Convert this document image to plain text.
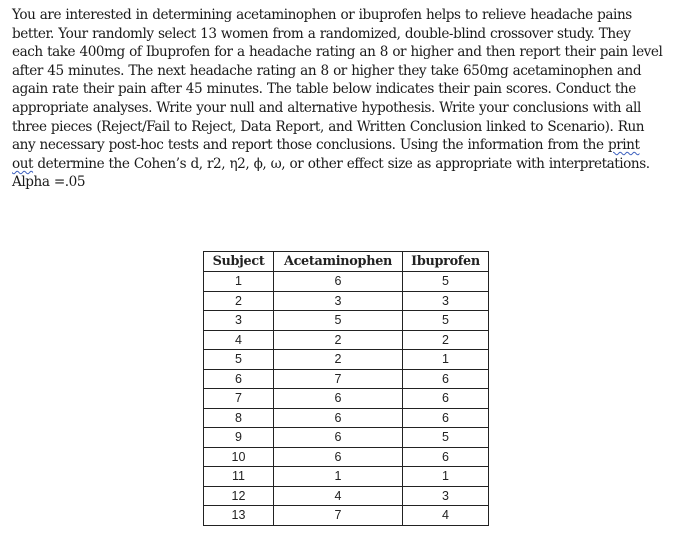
You are interested in determining acetaminophen or ibuprofen helps to relieve headache pains
better. Your randomly select 13 women from a randomized, double-blind crossover study. They
each take 400mg of Ibuprofen for a headache rating an 8 or higher and then report their pain level
after 45 minutes. The next headache rating an 8 or higher they take 650mg acetaminophen and
again rate their pain after 45 minutes. The table below indicates their pain scores. Conduct the
appropriate analyses. Write your null and alternative hypothesis. Write your conclusions with all
three pieces (Reject/Fail to Reject, Data Report, and Written Conclusion linked to Scenario). Run
any necessary post-hoc tests and report those conclusions. Using the information from the print
out determine the Cohen’s d, r2, η2, ϕ, ω, or other effect size as appropriate with interpretations.
Alpha =.05
Subject	Acetaminophen	Ibuprofen
1	6	5
2	3	3
3	5	5
4	2	2
5	2	1
6	7	6
7	6	6
8	6	6
9	6	5
10	6	6
11	1	1
12	4	3
13	7	4
